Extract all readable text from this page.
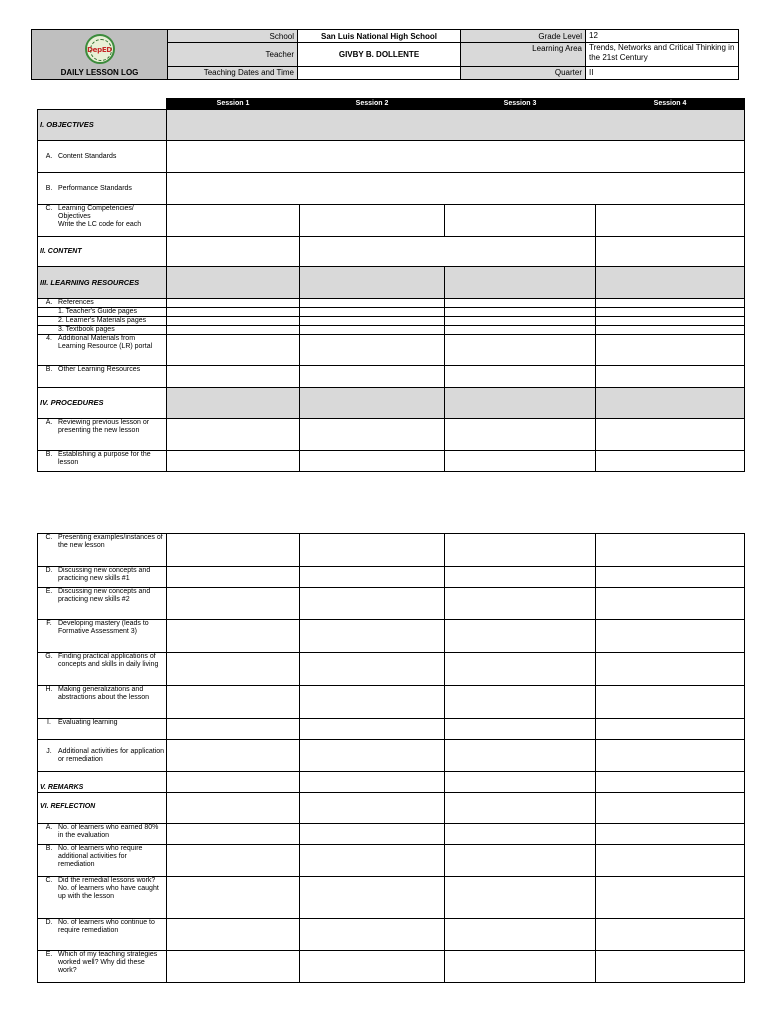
DepED
DAILY LESSON LOG	School	San Luis National High School	Grade Level	12
	Teacher	GIVBY B. DOLLENTE	Learning Area	Trends, Networks and Critical Thinking in the 21st Century
	Teaching Dates and Time		Quarter	II
	Session 1	Session 2	Session 3	Session 4
I. OBJECTIVES				

A. Content Standards				

B. Performance Standards				

C. Learning Competencies/ Objectives
Write the LC code for each				

II. CONTENT				
III. LEARNING RESOURCES				

A. References				

1. Teacher's Guide pages				
2. Learner's Materials pages				
3. Textbook pages				

4. Additional Materials from Learning Resource (LR) portal				

B. Other Learning Resources				

IV. PROCEDURES				

A. Reviewing previous lesson or presenting the new lesson				

B. Establishing a purpose for the lesson				

C. Presenting examples/instances of the new lesson				

D. Discussing new concepts and practicing new skills #1				

E. Discussing new concepts and practicing new skills #2				

F. Developing mastery (leads to Formative Assessment 3)				

G. Finding practical applications of concepts and skills in daily living				

H. Making generalizations and abstractions about the lesson				

I. Evaluating learning				

J. Additional activities for application or remediation				

V. REMARKS				
VI. REFLECTION				

A. No. of learners who earned 80% in the evaluation				

B. No. of learners who require additional activities for remediation				

C. Did the remedial lessons work? No. of learners who have caught up with the lesson				

D. No. of learners who continue to require remediation				

E. Which of my teaching strategies worked well? Why did these work?				
